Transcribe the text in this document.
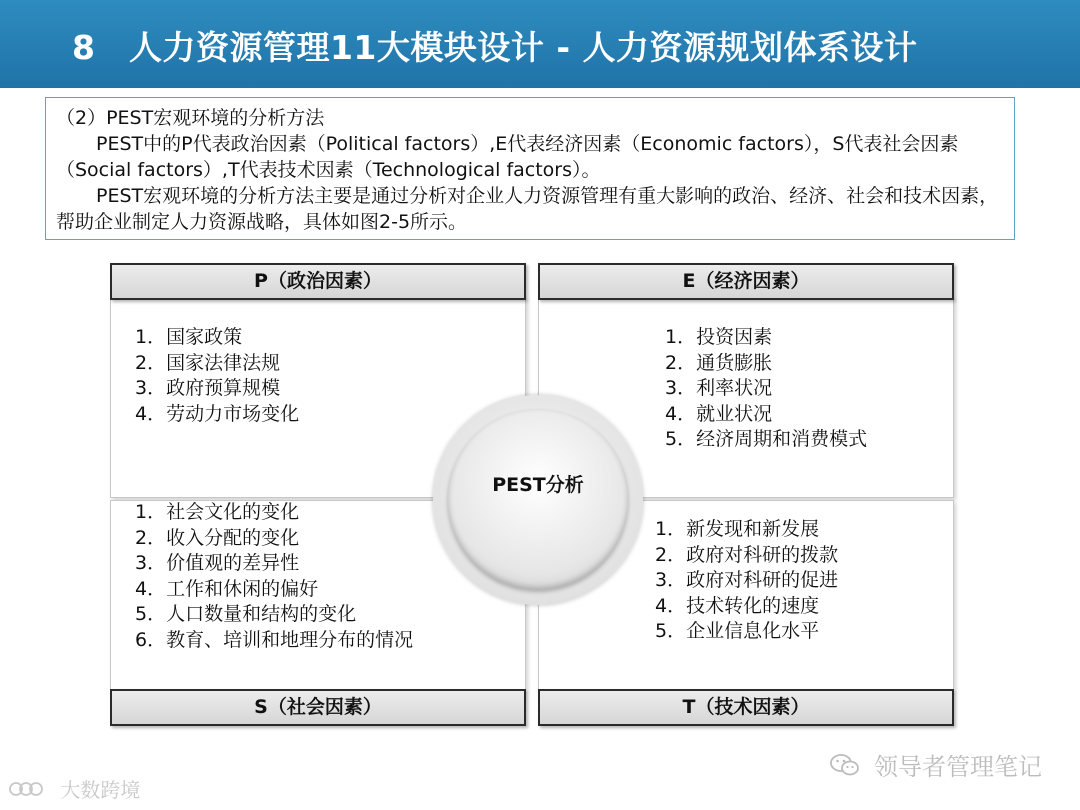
8　人力资源管理11大模块设计 - 人力资源规划体系设计

（2）PEST宏观环境的分析方法

PEST中的P代表政治因素（Political factors）,E代表经济因素（Economic factors），S代表社会因素（Social factors）,T代表技术因素（Technological factors）。

PEST宏观环境的分析方法主要是通过分析对企业人力资源管理有重大影响的政治、经济、社会和技术因素，帮助企业制定人力资源战略，具体如图2-5所示。

P（政治因素）	E（经济因素）
S（社会因素）	T（技术因素）
1．国家政策
2．国家法律法规
3．政府预算规模
4．劳动力市场变化
1．投资因素
2．通货膨胀
3．利率状况
4．就业状况
5．经济周期和消费模式
1．社会文化的变化
2．收入分配的变化
3．价值观的差异性
4．工作和休闲的偏好
5．人口数量和结构的变化
6．教育、培训和地理分布的情况
1．新发现和新发展
2．政府对科研的拨款
3．政府对科研的促进
4．技术转化的速度
5．企业信息化水平
PEST分析
领导者管理笔记
大数跨境
